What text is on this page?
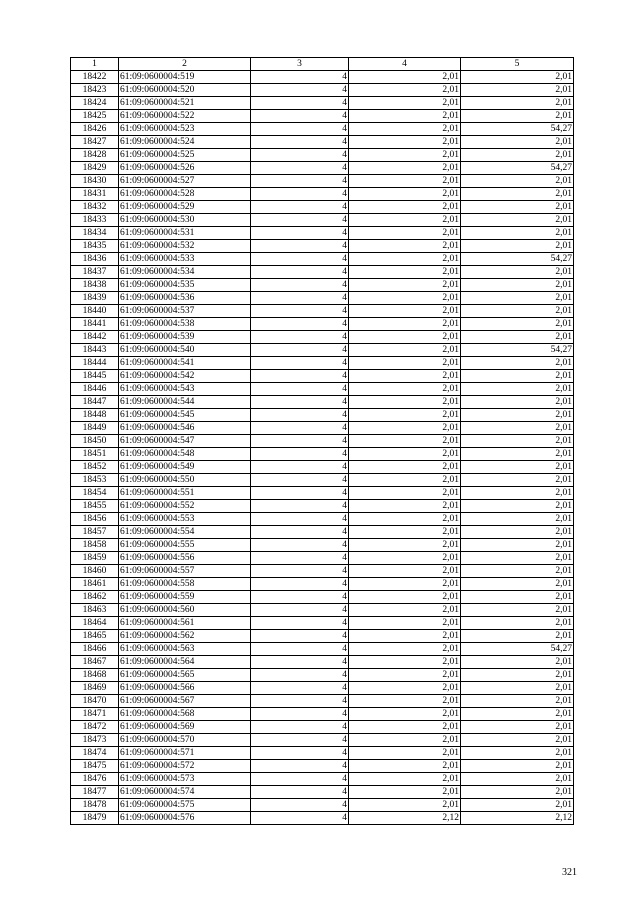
1	2	3	4	5
18422	61:09:0600004:519	4	2,01	2,01
18423	61:09:0600004:520	4	2,01	2,01
18424	61:09:0600004:521	4	2,01	2,01
18425	61:09:0600004:522	4	2,01	2,01
18426	61:09:0600004:523	4	2,01	54,27
18427	61:09:0600004:524	4	2,01	2,01
18428	61:09:0600004:525	4	2,01	2,01
18429	61:09:0600004:526	4	2,01	54,27
18430	61:09:0600004:527	4	2,01	2,01
18431	61:09:0600004:528	4	2,01	2,01
18432	61:09:0600004:529	4	2,01	2,01
18433	61:09:0600004:530	4	2,01	2,01
18434	61:09:0600004:531	4	2,01	2,01
18435	61:09:0600004:532	4	2,01	2,01
18436	61:09:0600004:533	4	2,01	54,27
18437	61:09:0600004:534	4	2,01	2,01
18438	61:09:0600004:535	4	2,01	2,01
18439	61:09:0600004:536	4	2,01	2,01
18440	61:09:0600004:537	4	2,01	2,01
18441	61:09:0600004:538	4	2,01	2,01
18442	61:09:0600004:539	4	2,01	2,01
18443	61:09:0600004:540	4	2,01	54,27
18444	61:09:0600004:541	4	2,01	2,01
18445	61:09:0600004:542	4	2,01	2,01
18446	61:09:0600004:543	4	2,01	2,01
18447	61:09:0600004:544	4	2,01	2,01
18448	61:09:0600004:545	4	2,01	2,01
18449	61:09:0600004:546	4	2,01	2,01
18450	61:09:0600004:547	4	2,01	2,01
18451	61:09:0600004:548	4	2,01	2,01
18452	61:09:0600004:549	4	2,01	2,01
18453	61:09:0600004:550	4	2,01	2,01
18454	61:09:0600004:551	4	2,01	2,01
18455	61:09:0600004:552	4	2,01	2,01
18456	61:09:0600004:553	4	2,01	2,01
18457	61:09:0600004:554	4	2,01	2,01
18458	61:09:0600004:555	4	2,01	2,01
18459	61:09:0600004:556	4	2,01	2,01
18460	61:09:0600004:557	4	2,01	2,01
18461	61:09:0600004:558	4	2,01	2,01
18462	61:09:0600004:559	4	2,01	2,01
18463	61:09:0600004:560	4	2,01	2,01
18464	61:09:0600004:561	4	2,01	2,01
18465	61:09:0600004:562	4	2,01	2,01
18466	61:09:0600004:563	4	2,01	54,27
18467	61:09:0600004:564	4	2,01	2,01
18468	61:09:0600004:565	4	2,01	2,01
18469	61:09:0600004:566	4	2,01	2,01
18470	61:09:0600004:567	4	2,01	2,01
18471	61:09:0600004:568	4	2,01	2,01
18472	61:09:0600004:569	4	2,01	2,01
18473	61:09:0600004:570	4	2,01	2,01
18474	61:09:0600004:571	4	2,01	2,01
18475	61:09:0600004:572	4	2,01	2,01
18476	61:09:0600004:573	4	2,01	2,01
18477	61:09:0600004:574	4	2,01	2,01
18478	61:09:0600004:575	4	2,01	2,01
18479	61:09:0600004:576	4	2,12	2,12
321
